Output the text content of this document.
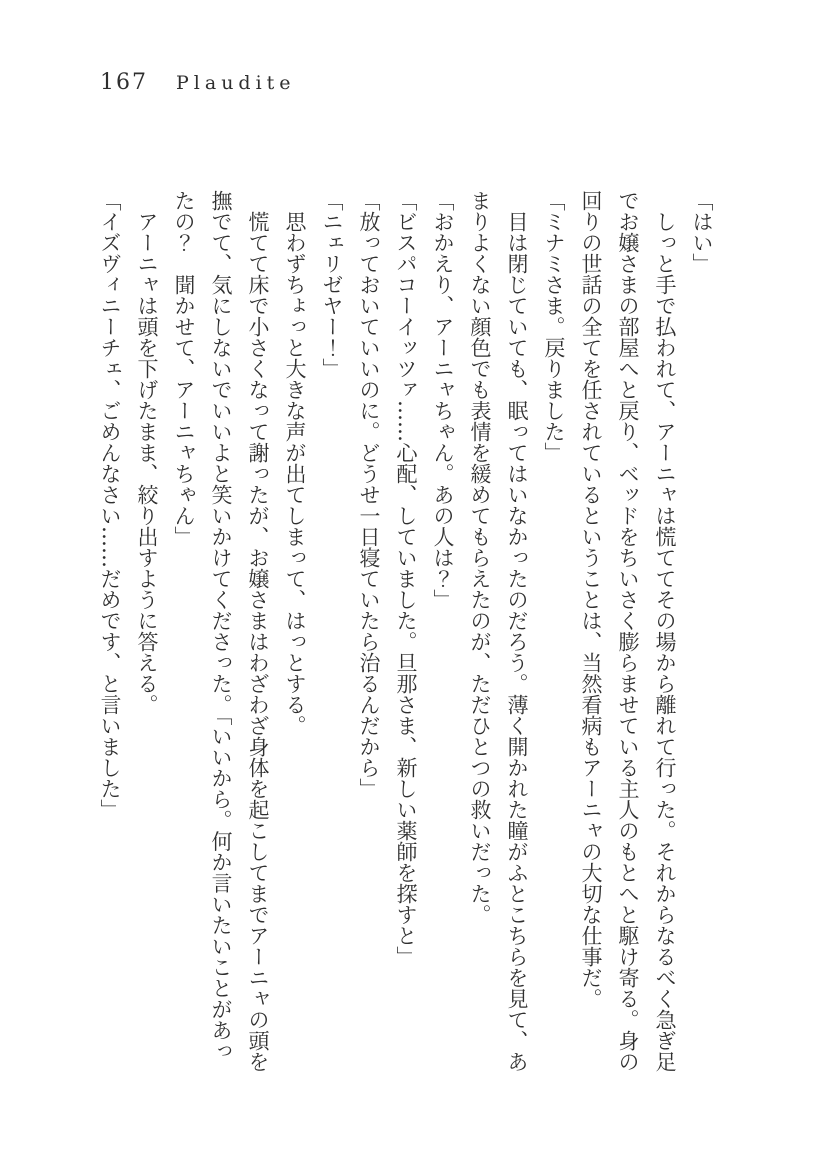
167 Plaudite

「はい」

しっと手で払われて、アーニャは慌ててその場から離れて行った。それからなるべく急ぎ足でお嬢さまの部屋へと戻り、ベッドをちいさく膨らませている主人のもとへと駆け寄る。身の回りの世話の全てを任されているということは、当然看病もアーニャの大切な仕事だ。

「ミナミさま。戻りました」

目は閉じていても、眠ってはいなかったのだろう。薄く開かれた瞳がふとこちらを見て、あまりよくない顔色でも表情を緩めてもらえたのが、ただひとつの救いだった。

「おかえり、アーニャちゃん。あの人は？」

「ビスパコーイッツァ……心配、していました。旦那さま、新しい薬師を探すと」

「放っておいていいのに。どうせ一日寝ていたら治るんだから」

「ニェリゼヤー！」

思わずちょっと大きな声が出てしまって、はっとする。

慌てて床で小さくなって謝ったが、お嬢さまはわざわざ身体を起こしてまでアーニャの頭を撫でて、気にしないでいいよと笑いかけてくださった。「いいから。何か言いたいことがあったの？　聞かせて、アーニャちゃん」

アーニャは頭を下げたまま、絞り出すように答える。

「イズヴィニーチェ、ごめんなさい……だめです、と言いました」
